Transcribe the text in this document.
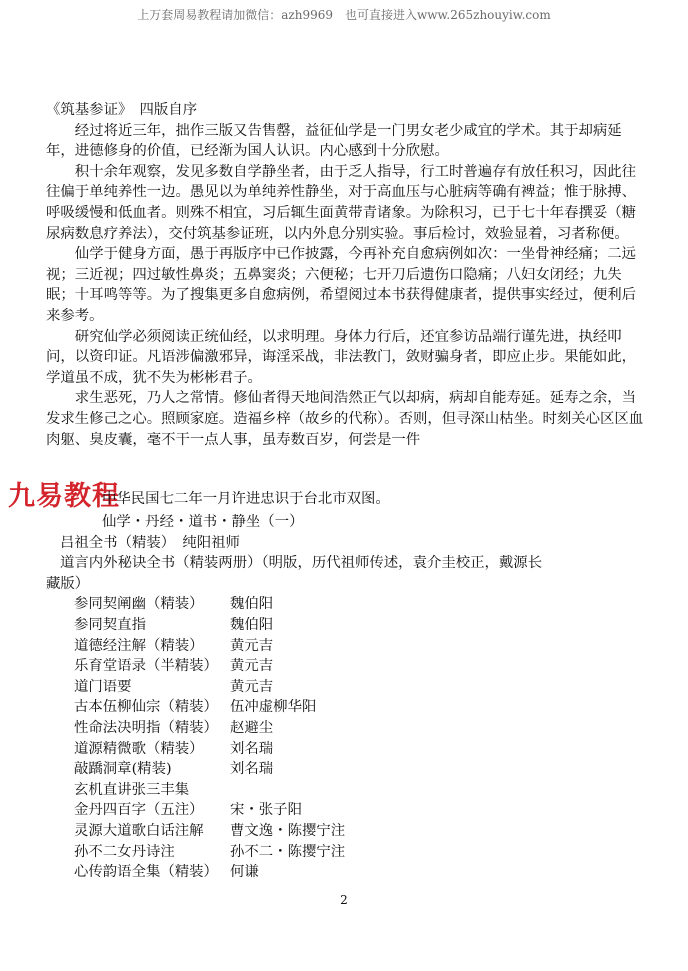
上万套周易教程请加微信：azh9969　也可直接进入www.265zhouyiw.com

《筑基参证》　四版自序

经过将近三年，拙作三版又告售罄，益征仙学是一门男女老少咸宜的学术。其于却病延年，进德修身的价值，已经渐为国人认识。内心感到十分欣慰。

积十余年观察，发见多数自学静坐者，由于乏人指导，行工时普遍存有放任积习，因此往往偏于单纯养性一边。愚见以为单纯养性静坐，对于高血压与心脏病等确有裨益；惟于脉搏、呼吸缓慢和低血者。则殊不相宜，习后辄生面黄带青诸象。为除积习，已于七十年春撰妥（糖尿病数息疗养法），交付筑基参证班，以内外息分别实验。事后检讨，效验显着，习者称便。

仙学于健身方面，愚于再版序中已作披露，今再补充自愈病例如次：一坐骨神经痛；二远视；三近视；四过敏性鼻炎；五鼻窦炎；六便秘；七开刀后遗伤口隐痛；八妇女闭经；九失眠；十耳鸣等等。为了搜集更多自愈病例，希望阅过本书获得健康者，提供事实经过，便利后来参考。

研究仙学必须阅读正统仙经，以求明理。身体力行后，还宜参访品端行谨先进，执经叩问，以资印证。凡语涉偏激邪异，诲淫采战，非法教门，敛财骗身者，即应止步。果能如此，学道虽不成，犹不失为彬彬君子。

求生恶死，乃人之常情。修仙者得天地间浩然正气以却病，病却自能寿延。延寿之余，当发求生修己之心。照顾家庭。造福乡梓（故乡的代称）。否则，但寻深山枯坐。时刻关心区区血肉躯、臭皮囊，毫不干一点人事，虽寿数百岁，何尝是一件

九易教程
中华民国七二年一月许进忠识于台北市双图。
仙学・丹经・道书・静坐（一）
吕祖全书（精装）　纯阳祖师
道言内外秘诀全书（精装两册）（明版，历代祖师传述，袁介圭校正，戴源长
藏版）
参同契阐幽（精装）	魏伯阳
参同契直指	魏伯阳
道德经注解（精装）	黄元吉
乐育堂语录（半精装） 黄元吉
道门语要	黄元吉
古本伍柳仙宗（精装） 伍冲虚柳华阳
性命法决明指（精装） 赵避尘
道源精微歌（精装）	刘名瑞
敲蹻洞章(精装)	刘名瑞
玄机直讲张三丰集
金丹四百字（五注）	宋・张子阳
灵源大道歌白话注解	曹文逸・陈撄宁注
孙不二女丹诗注	孙不二・陈撄宁注
心传韵语全集（精装） 何谦
2
